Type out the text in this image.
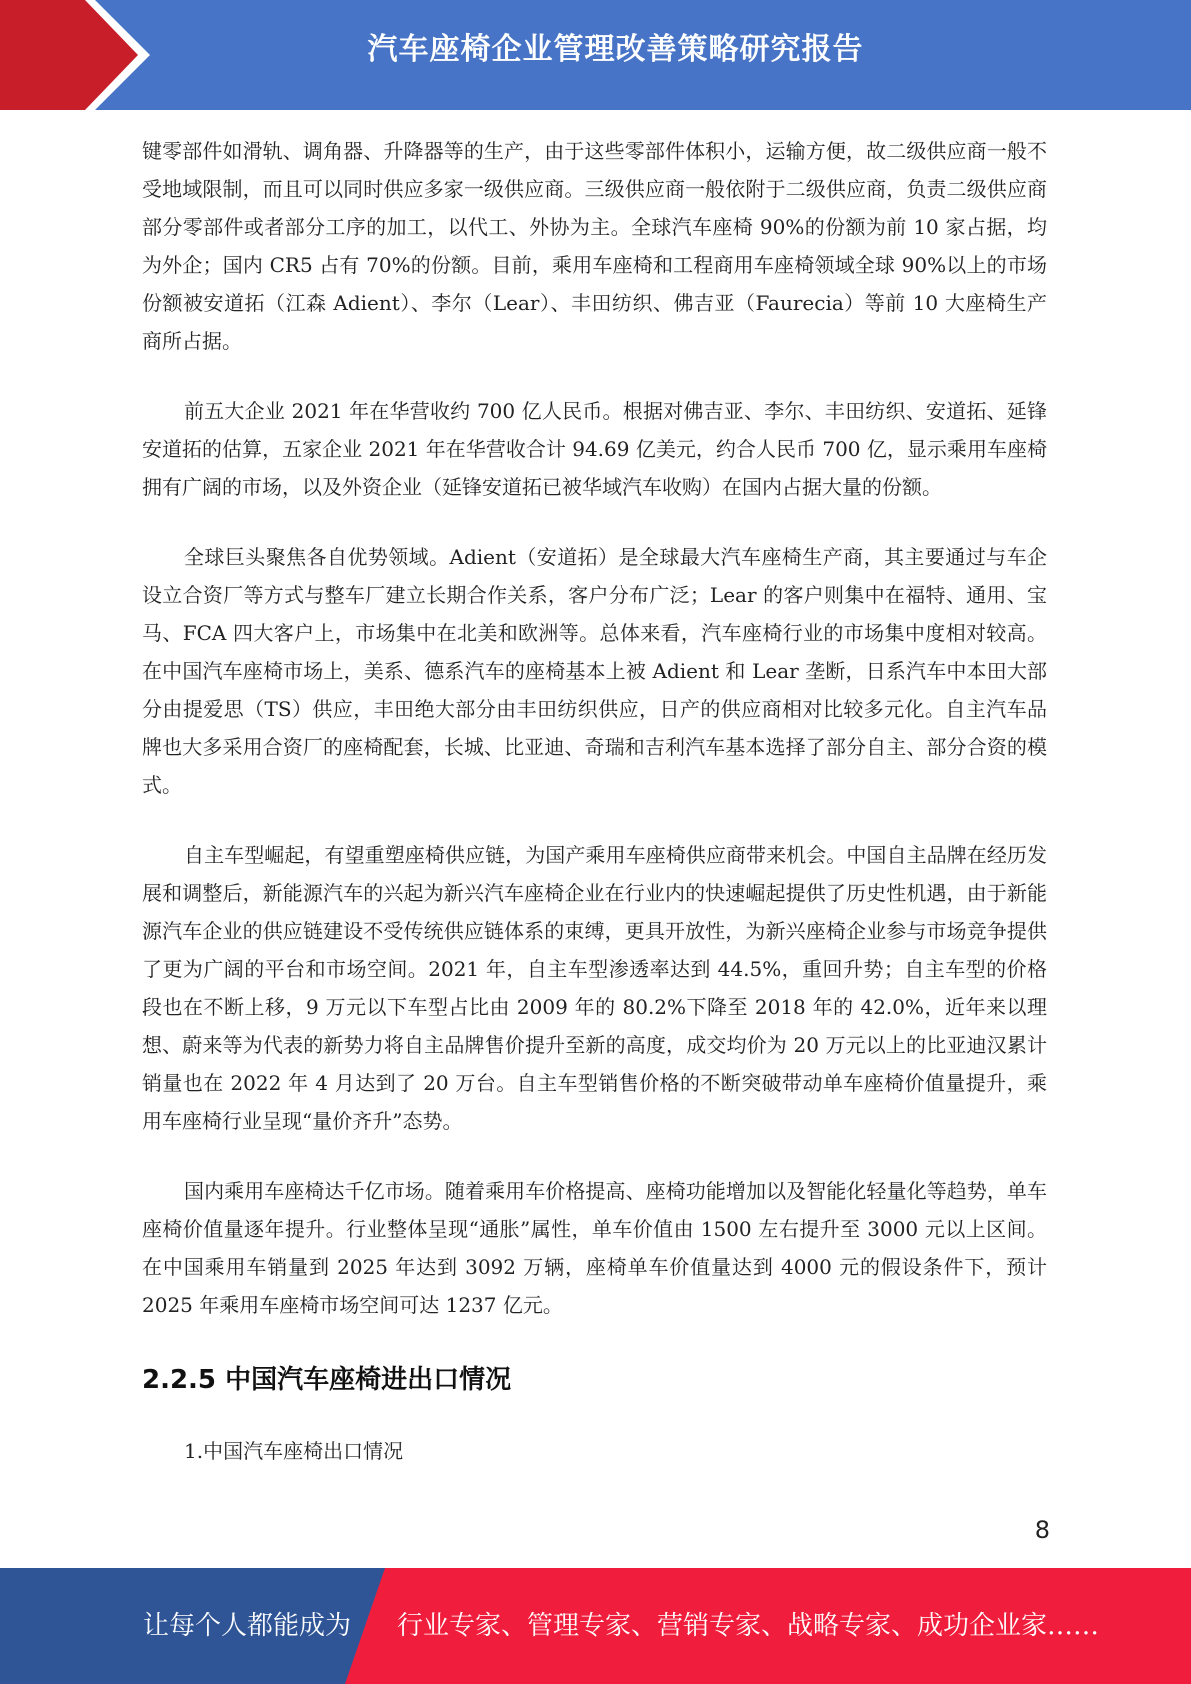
汽车座椅企业管理改善策略研究报告

键零部件如滑轨、调角器、升降器等的生产，由于这些零部件体积小，运输方便，故二级供应商一般不受地域限制，而且可以同时供应多家一级供应商。三级供应商一般依附于二级供应商，负责二级供应商部分零部件或者部分工序的加工，以代工、外协为主。全球汽车座椅 90%的份额为前 10 家占据，均为外企；国内 CR5 占有 70%的份额。目前，乘用车座椅和工程商用车座椅领域全球 90%以上的市场份额被安道拓（江森 Adient）、李尔（Lear）、丰田纺织、佛吉亚（Faurecia）等前 10 大座椅生产商所占据。

前五大企业 2021 年在华营收约 700 亿人民币。根据对佛吉亚、李尔、丰田纺织、安道拓、延锋安道拓的估算，五家企业 2021 年在华营收合计 94.69 亿美元，约合人民币 700 亿，显示乘用车座椅拥有广阔的市场，以及外资企业（延锋安道拓已被华域汽车收购）在国内占据大量的份额。

全球巨头聚焦各自优势领域。Adient（安道拓）是全球最大汽车座椅生产商，其主要通过与车企设立合资厂等方式与整车厂建立长期合作关系，客户分布广泛；Lear 的客户则集中在福特、通用、宝马、FCA 四大客户上，市场集中在北美和欧洲等。总体来看，汽车座椅行业的市场集中度相对较高。在中国汽车座椅市场上，美系、德系汽车的座椅基本上被 Adient 和 Lear 垄断，日系汽车中本田大部分由提爱思（TS）供应，丰田绝大部分由丰田纺织供应，日产的供应商相对比较多元化。自主汽车品牌也大多采用合资厂的座椅配套，长城、比亚迪、奇瑞和吉利汽车基本选择了部分自主、部分合资的模式。

自主车型崛起，有望重塑座椅供应链，为国产乘用车座椅供应商带来机会。中国自主品牌在经历发展和调整后，新能源汽车的兴起为新兴汽车座椅企业在行业内的快速崛起提供了历史性机遇，由于新能源汽车企业的供应链建设不受传统供应链体系的束缚，更具开放性，为新兴座椅企业参与市场竞争提供了更为广阔的平台和市场空间。2021 年，自主车型渗透率达到 44.5%，重回升势；自主车型的价格段也在不断上移，9 万元以下车型占比由 2009 年的 80.2%下降至 2018 年的 42.0%，近年来以理想、蔚来等为代表的新势力将自主品牌售价提升至新的高度，成交均价为 20 万元以上的比亚迪汉累计销量也在 2022 年 4 月达到了 20 万台。自主车型销售价格的不断突破带动单车座椅价值量提升，乘用车座椅行业呈现“量价齐升”态势。

国内乘用车座椅达千亿市场。随着乘用车价格提高、座椅功能增加以及智能化轻量化等趋势，单车座椅价值量逐年提升。行业整体呈现“通胀”属性，单车价值由 1500 左右提升至 3000 元以上区间。在中国乘用车销量到 2025 年达到 3092 万辆，座椅单车价值量达到 4000 元的假设条件下，预计 2025 年乘用车座椅市场空间可达 1237 亿元。

2.2.5 中国汽车座椅进出口情况

1.中国汽车座椅出口情况

8
让每个人都能成为 行业专家、管理专家、营销专家、战略专家、成功企业家……
